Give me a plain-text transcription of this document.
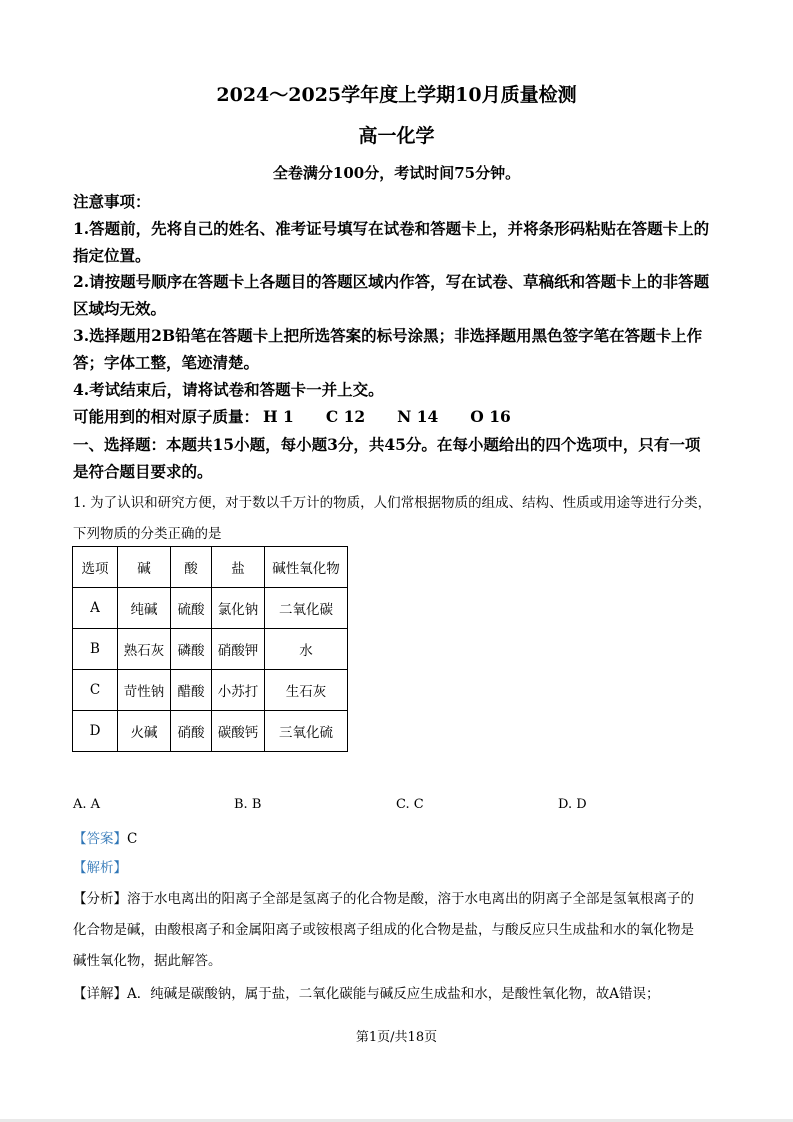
2024～2025学年度上学期10月质量检测
高一化学
全卷满分100分，考试时间75分钟。
注意事项：
1.答题前，先将自己的姓名、准考证号填写在试卷和答题卡上，并将条形码粘贴在答题卡上的
指定位置。
2.请按题号顺序在答题卡上各题目的答题区域内作答，写在试卷、草稿纸和答题卡上的非答题
区域均无效。
3.选择题用2B铅笔在答题卡上把所选答案的标号涂黑；非选择题用黑色签字笔在答题卡上作
答；字体工整，笔迹清楚。
4.考试结束后，请将试卷和答题卡一并上交。
可能用到的相对原子质量： H 1 C 12 N 14 O 16
一、选择题：本题共15小题，每小题3分，共45分。在每小题给出的四个选项中，只有一项
是符合题目要求的。
1. 为了认识和研究方便，对于数以千万计的物质，人们常根据物质的组成、结构、性质或用途等进行分类，
下列物质的分类正确的是
选项	碱	酸	盐	碱性氧化物
A	纯碱	硫酸	氯化钠	二氧化碳
B	熟石灰	磷酸	硝酸钾	水
C	苛性钠	醋酸	小苏打	生石灰
D	火碱	硝酸	碳酸钙	三氧化硫
A. A	B. B	C. C	D. D
【答案】C
【解析】
【分析】溶于水电离出的阳离子全部是氢离子的化合物是酸，溶于水电离出的阴离子全部是氢氧根离子的
化合物是碱，由酸根离子和金属阳离子或铵根离子组成的化合物是盐，与酸反应只生成盐和水的氧化物是
碱性氧化物，据此解答。
【详解】A．纯碱是碳酸钠，属于盐，二氧化碳能与碱反应生成盐和水，是酸性氧化物，故A错误；
第1页/共18页
